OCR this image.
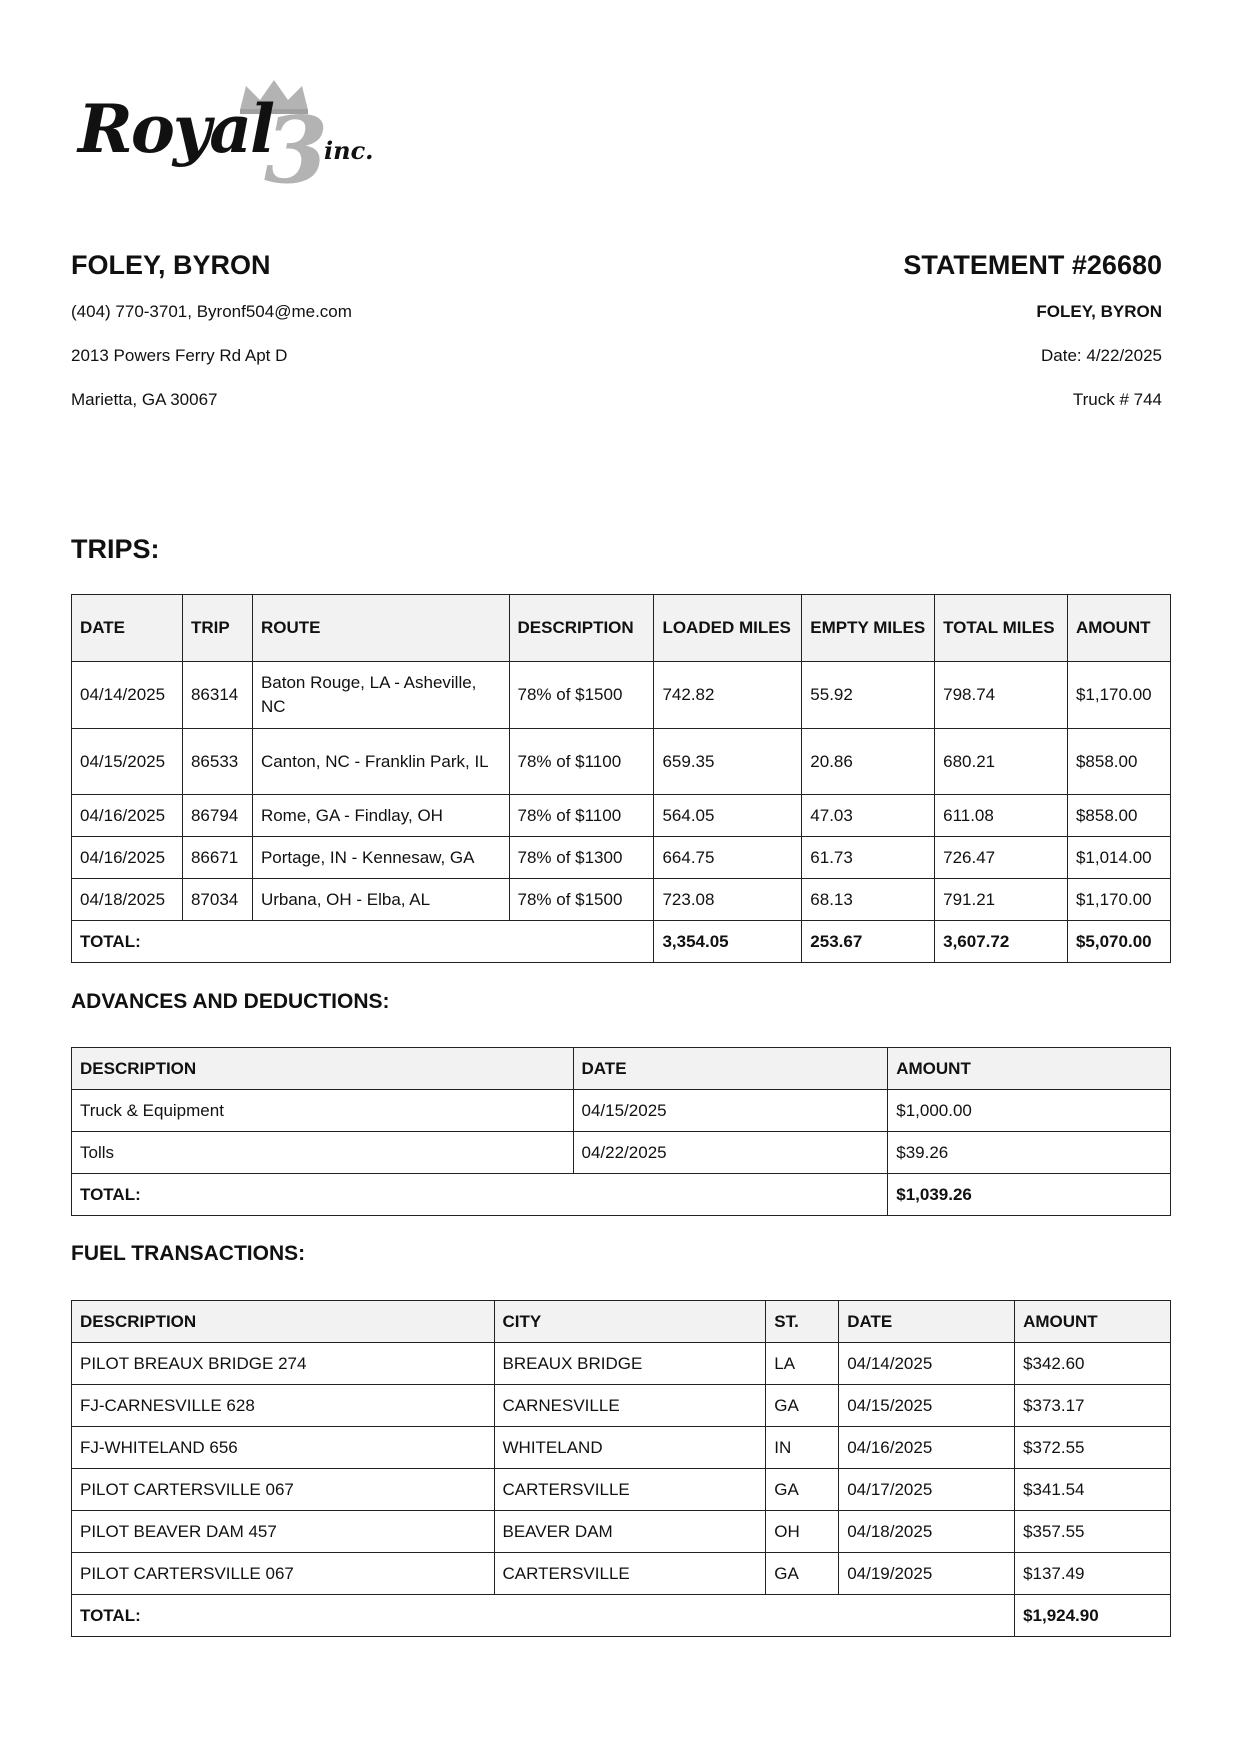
3
Royal inc.
FOLEY, BYRON
(404) 770-3701, Byronf504@me.com
2013 Powers Ferry Rd Apt D
Marietta, GA 30067
STATEMENT #26680
FOLEY, BYRON
Date: 4/22/2025
Truck # 744
TRIPS:
DATE	TRIP	ROUTE	DESCRIPTION	LOADED MILES	EMPTY MILES	TOTAL MILES	AMOUNT
04/14/2025	86314	Baton Rouge, LA - Asheville, NC	78% of $1500	742.82	55.92	798.74	$1,170.00
04/15/2025	86533	Canton, NC - Franklin Park, IL	78% of $1100	659.35	20.86	680.21	$858.00
04/16/2025	86794	Rome, GA - Findlay, OH	78% of $1100	564.05	47.03	611.08	$858.00
04/16/2025	86671	Portage, IN - Kennesaw, GA	78% of $1300	664.75	61.73	726.47	$1,014.00
04/18/2025	87034	Urbana, OH - Elba, AL	78% of $1500	723.08	68.13	791.21	$1,170.00
TOTAL:				3,354.05	253.67	3,607.72	$5,070.00
ADVANCES AND DEDUCTIONS:
DESCRIPTION	DATE	AMOUNT
Truck & Equipment	04/15/2025	$1,000.00
Tolls	04/22/2025	$39.26
TOTAL:		$1,039.26
FUEL TRANSACTIONS:
DESCRIPTION	CITY	ST.	DATE	AMOUNT
PILOT BREAUX BRIDGE 274	BREAUX BRIDGE	LA	04/14/2025	$342.60
FJ-CARNESVILLE 628	CARNESVILLE	GA	04/15/2025	$373.17
FJ-WHITELAND 656	WHITELAND	IN	04/16/2025	$372.55
PILOT CARTERSVILLE 067	CARTERSVILLE	GA	04/17/2025	$341.54
PILOT BEAVER DAM 457	BEAVER DAM	OH	04/18/2025	$357.55
PILOT CARTERSVILLE 067	CARTERSVILLE	GA	04/19/2025	$137.49
TOTAL:				$1,924.90
